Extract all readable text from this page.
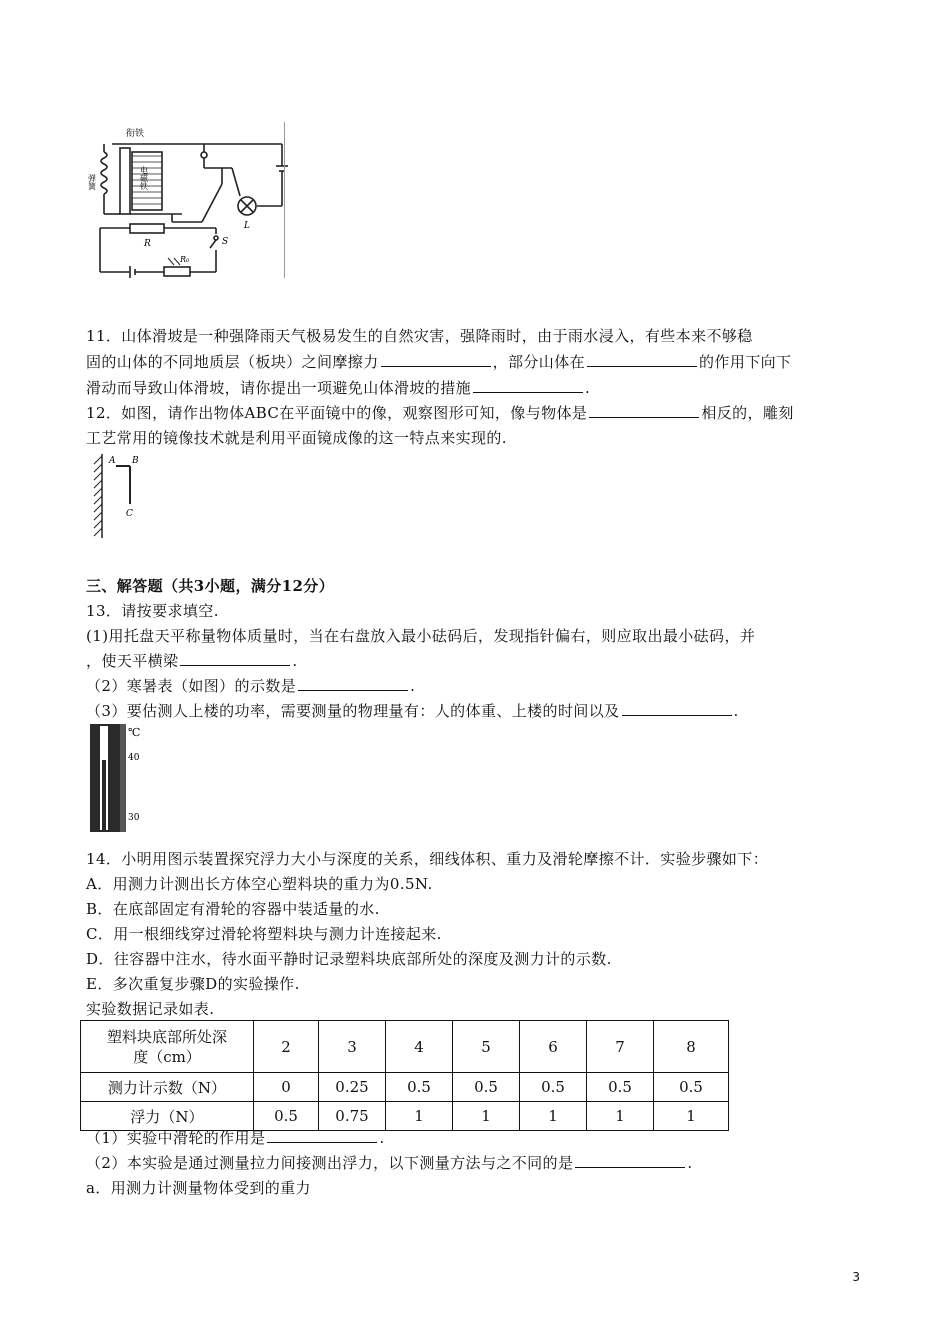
衔铁
弹簧	电磁铁
R
R₀
S
L
11．山体滑坡是一种强降雨天气极易发生的自然灾害，强降雨时，由于雨水浸入，有些本来不够稳
固的山体的不同地质层（板块）之间摩擦力	，部分山体在	的作用下向下
滑动而导致山体滑坡，请你提出一项避免山体滑坡的措施	.
12．如图，请作出物体ABC在平面镜中的像，观察图形可知，像与物体是	相反的，雕刻
工艺常用的镜像技术就是利用平面镜成像的这一特点来实现的.
A B
C
三、解答题（共3小题，满分12分）
13．请按要求填空.
(1)用托盘天平称量物体质量时，当在右盘放入最小砝码后，发现指针偏右，则应取出最小砝码，并
，使天平横梁	.
（2）寒暑表（如图）的示数是	.
（3）要估测人上楼的功率，需要测量的物理量有：人的体重、上楼的时间以及	.
℃
40
30
14．小明用图示装置探究浮力大小与深度的关系，细线体积、重力及滑轮摩擦不计．实验步骤如下：
A．用测力计测出长方体空心塑料块的重力为0.5N.
B．在底部固定有滑轮的容器中装适量的水.
C．用一根细线穿过滑轮将塑料块与测力计连接起来.
D．往容器中注水，待水面平静时记录塑料块底部所处的深度及测力计的示数.
E．多次重复步骤D的实验操作.
实验数据记录如表.
塑料块底部所处深
度（cm）	2	3	4	5	6	7	8
测力计示数（N）	0	0.25	0.5	0.5	0.5	0.5	0.5
浮力（N）	0.5	0.75	1	1	1	1	1
（1）实验中滑轮的作用是	.
（2）本实验是通过测量拉力间接测出浮力，以下测量方法与之不同的是	.
a．用测力计测量物体受到的重力
3
